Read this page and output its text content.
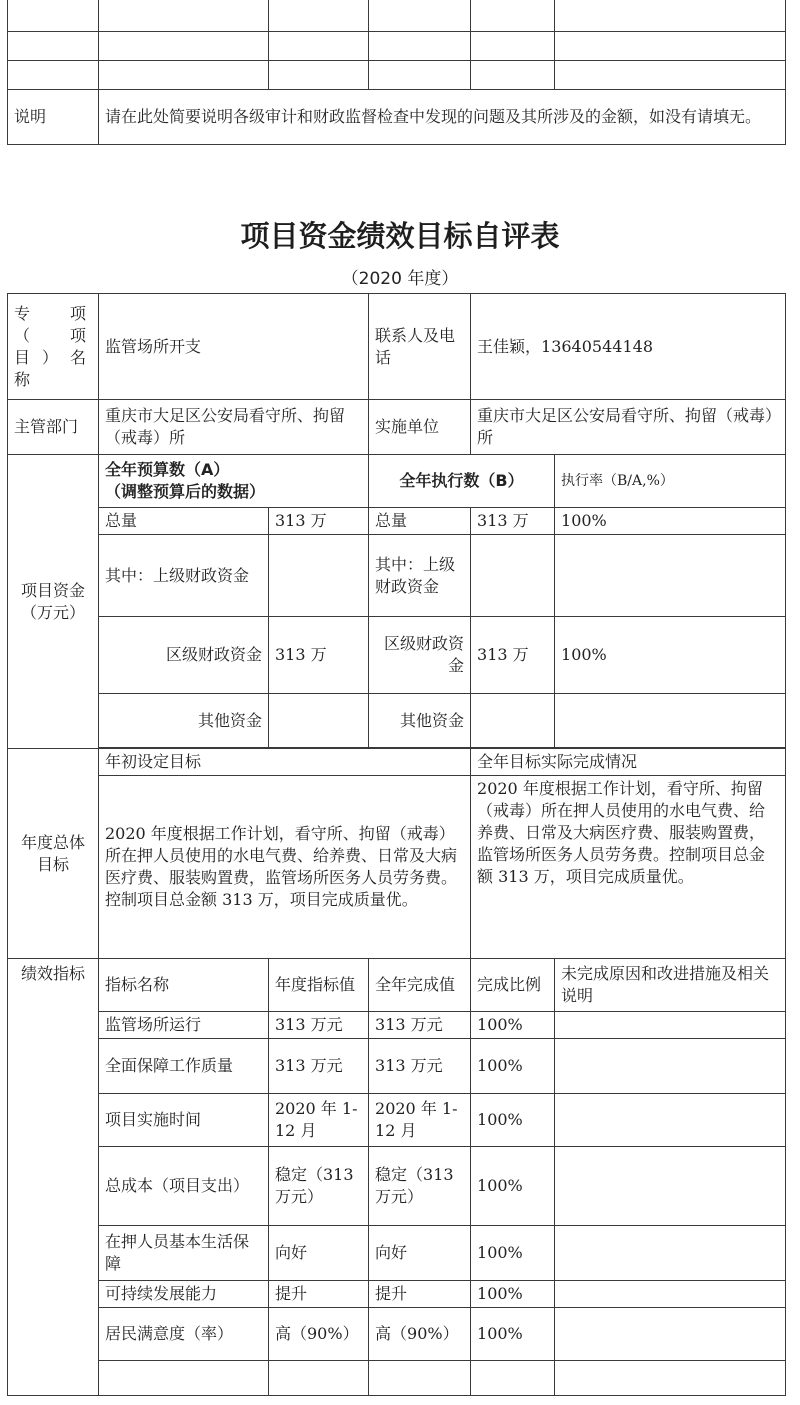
说明	请在此处简要说明各级审计和财政监督检查中发现的问题及其所涉及的金额，如没有请填无。				
项目资金绩效目标自评表
（2020 年度）
专　项（项目）名称	监管场所开支		联系人及电话	王佳颖，13640544148	
主管部门	重庆市大足区公安局看守所、拘留（戒毒）所		实施单位	重庆市大足区公安局看守所、拘留（戒毒）所	
项目资金（万元）	全年预算数（A）
（调整预算后的数据）		全年执行数（B）		执行率（B/A,%）
	总量	313 万	总量	313 万	100%
	其中：上级财政资金		其中：上级财政资金		
	区级财政资金	313 万	区级财政资金	313 万	100%
	其他资金		其他资金		

年度总体目标	年初设定目标			全年目标实际完成情况	
	2020 年度根据工作计划，看守所、拘留（戒毒）所在押人员使用的水电气费、给养费、日常及大病医疗费、服装购置费，监管场所医务人员劳务费。控制项目总金额 313 万，项目完成质量优。			2020 年度根据工作计划，看守所、拘留（戒毒）所在押人员使用的水电气费、给养费、日常及大病医疗费、服装购置费，监管场所医务人员劳务费。控制项目总金额 313 万，项目完成质量优。	
绩效指标	指标名称	年度指标值	全年完成值	完成比例	未完成原因和改进措施及相关说明
	监管场所运行	313 万元	313 万元	100%	
	全面保障工作质量	313 万元	313 万元	100%	
	项目实施时间	2020 年 1-12 月	2020 年 1-12 月	100%	
	总成本（项目支出）	稳定（313 万元）	稳定（313 万元）	100%	
	在押人员基本生活保障	向好	向好	100%	
	可持续发展能力	提升	提升	100%	
	居民满意度（率）	高（90%）	高（90%）	100%	
